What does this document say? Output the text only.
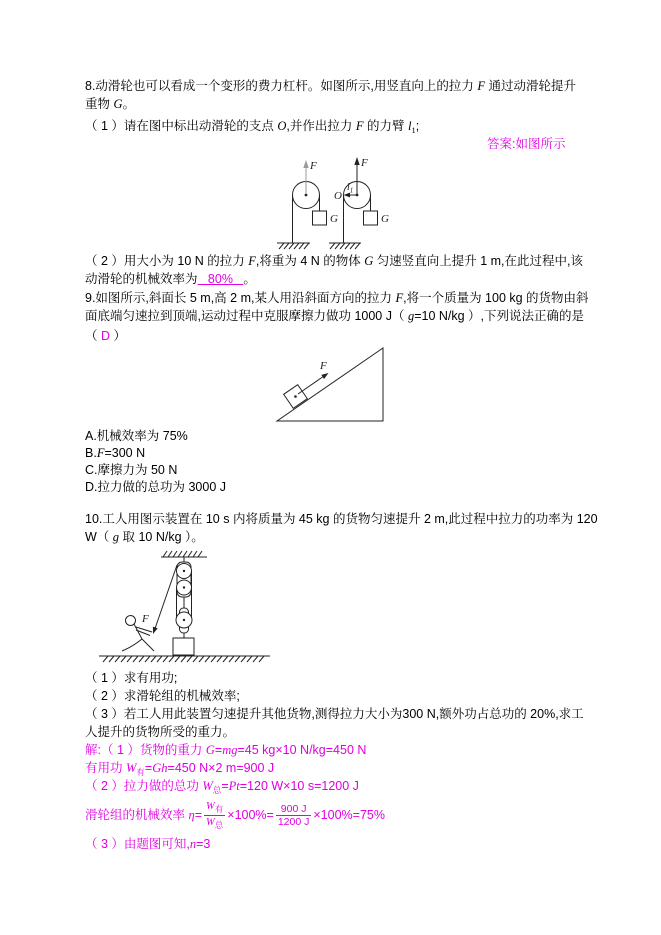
8.动滑轮也可以看成一个变形的费力杠杆。如图所示,用竖直向上的拉力 F 通过动滑轮提升
重物 G。
（ 1 ）请在图中标出动滑轮的支点 O,并作出拉力 F 的力臂 $l_1$;
答案:如图所示
（ 2 ）用大小为 10 N 的拉力 F,将重为 4 N 的物体 G 匀速竖直向上提升 1 m,在此过程中,该
动滑轮的机械效率为   80%   。
9.如图所示,斜面长 5 m,高 2 m,某人用沿斜面方向的拉力 F,将一个质量为 100 kg 的货物由斜
面底端匀速拉到顶端,运动过程中克服摩擦力做功 1000 J（ g=10 N/kg ）,下列说法正确的是
（ D ）
A.机械效率为 75%
B.F=300 N
C.摩擦力为 50 N
D.拉力做的总功为 3000 J
10.工人用图示装置在 10 s 内将质量为 45 kg 的货物匀速提升 2 m,此过程中拉力的功率为 120
W（ g 取 10 N/kg ）。
（ 1 ）求有用功;
（ 2 ）求滑轮组的机械效率;
（ 3 ）若工人用此装置匀速提升其他货物,测得拉力大小为300 N,额外功占总功的 20%,求工
人提升的货物所受的重力。
解:（ 1 ）货物的重力 G=mg=45 kg×10 N/kg=450 N
有用功 $W_有=Gh=450$ N×2 m=900 J
（ 2 ）拉力做的总功 $W_总=Pt=120$ W×10 s=1200 J
滑轮组的机械效率 $\eta= \frac{W_有}{W_总} \times 100\%= \frac{900 J}{1200 J} \times 100\%=75\%$
（ 3 ）由题图可知,n=3
F
G
F
O
$l_1$
G
F
F
